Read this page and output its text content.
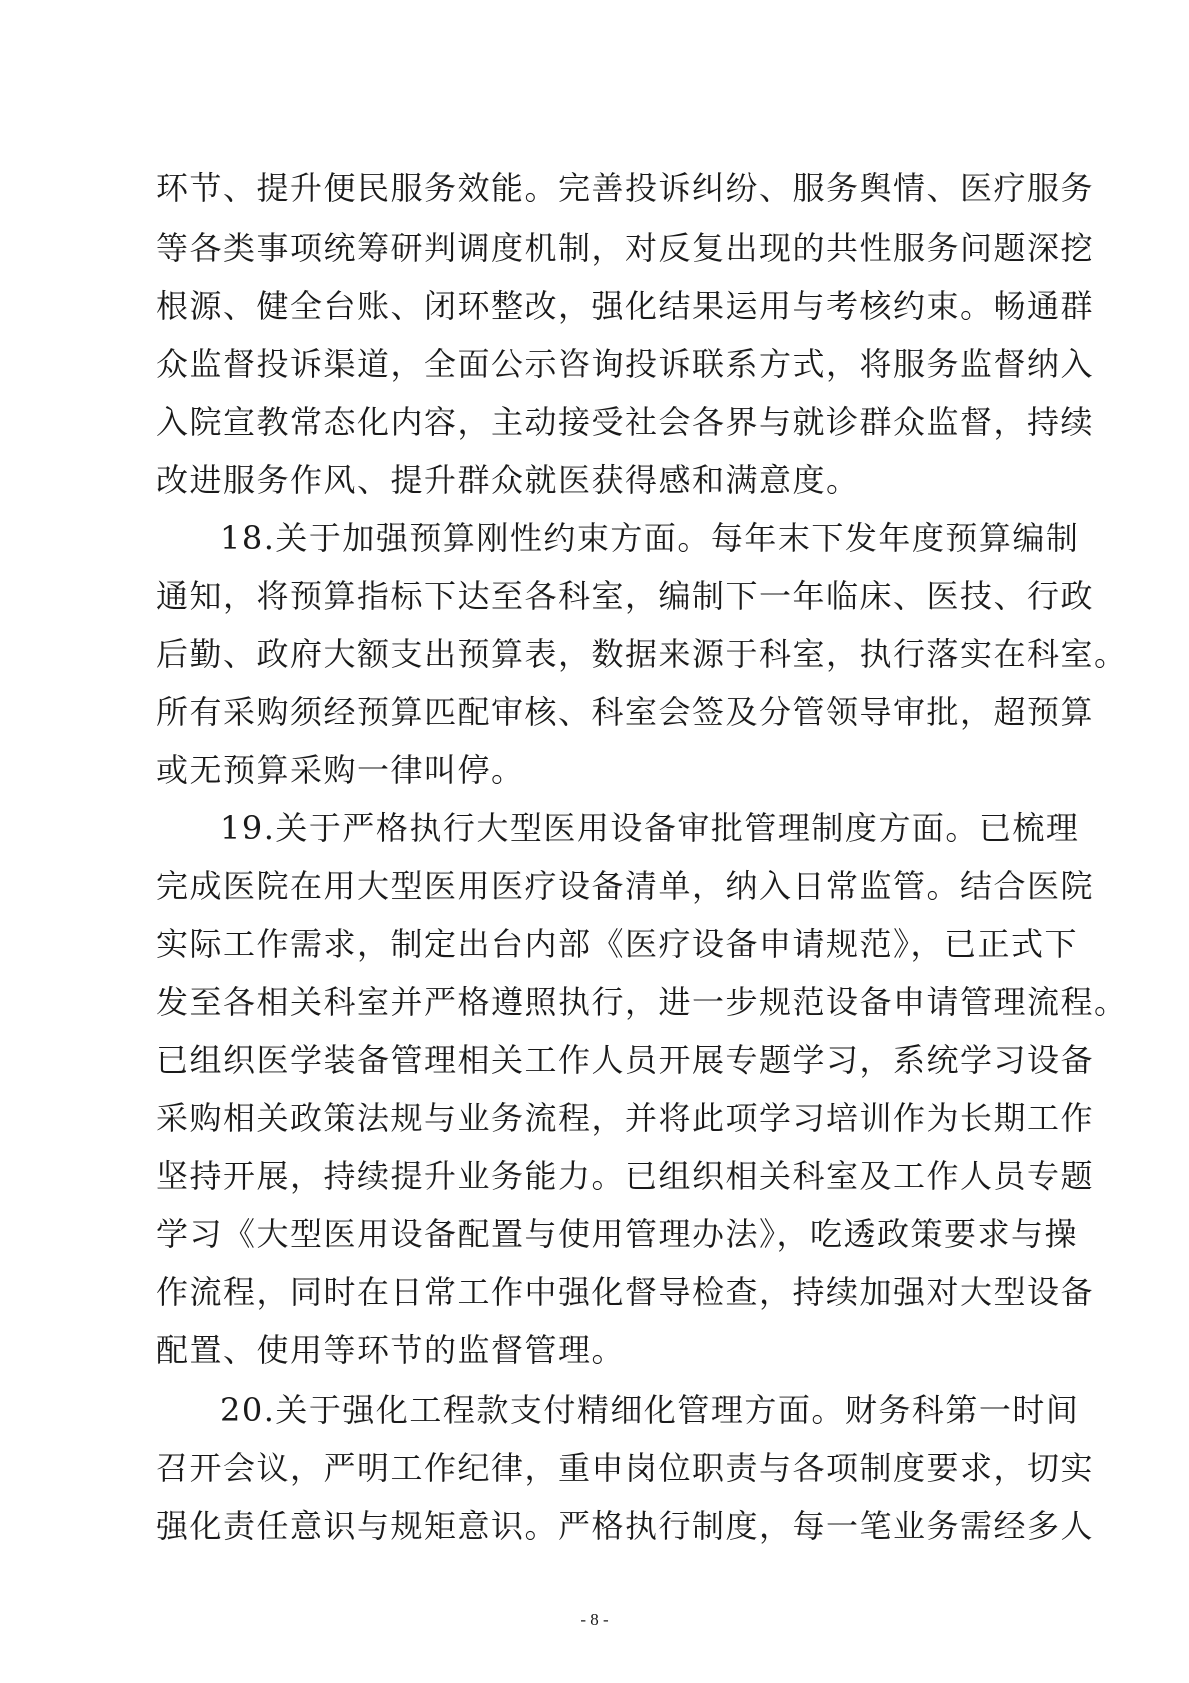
环节、提升便民服务效能。完善投诉纠纷、服务舆情、医疗服务
等各类事项统筹研判调度机制，对反复出现的共性服务问题深挖
根源、健全台账、闭环整改，强化结果运用与考核约束。畅通群
众监督投诉渠道，全面公示咨询投诉联系方式，将服务监督纳入
入院宣教常态化内容，主动接受社会各界与就诊群众监督，持续
改进服务作风、提升群众就医获得感和满意度。
18.关于加强预算刚性约束方面。每年末下发年度预算编制
通知，将预算指标下达至各科室，编制下一年临床、医技、行政
后勤、政府大额支出预算表，数据来源于科室，执行落实在科室。
所有采购须经预算匹配审核、科室会签及分管领导审批，超预算
或无预算采购一律叫停。
19.关于严格执行大型医用设备审批管理制度方面。已梳理
完成医院在用大型医用医疗设备清单，纳入日常监管。结合医院
实际工作需求，制定出台内部《医疗设备申请规范》，已正式下
发至各相关科室并严格遵照执行，进一步规范设备申请管理流程。
已组织医学装备管理相关工作人员开展专题学习，系统学习设备
采购相关政策法规与业务流程，并将此项学习培训作为长期工作
坚持开展，持续提升业务能力。已组织相关科室及工作人员专题
学习《大型医用设备配置与使用管理办法》，吃透政策要求与操
作流程，同时在日常工作中强化督导检查，持续加强对大型设备
配置、使用等环节的监督管理。
20.关于强化工程款支付精细化管理方面。财务科第一时间
召开会议，严明工作纪律，重申岗位职责与各项制度要求，切实
强化责任意识与规矩意识。严格执行制度，每一笔业务需经多人
- 8 -
